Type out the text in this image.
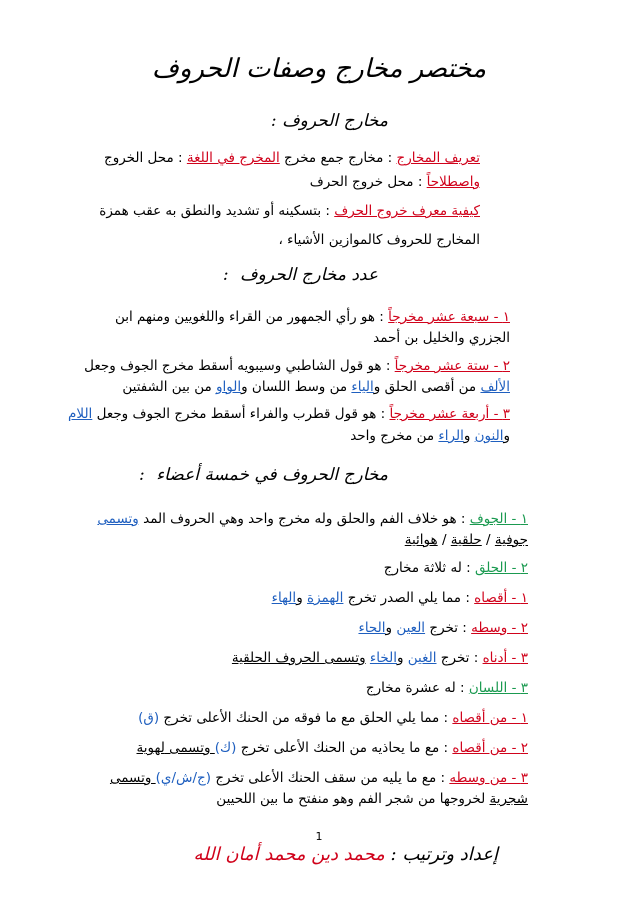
مختصر مخارج وصفات الحروف
مخارج الحروف :
تعريف المخارج : مخارج جمع مخرج المخرج في اللغة : محل الخروج
واصطلاحاً : محل خروج الحرف
كيفية معرف خروج الحرف : بتسكينه أو تشديد والنطق به عقب همزة
المخارج للحروف كالموازين الأشياء ،
عدد مخارج الحروف :
١ - سبعة عشر مخرجاً : هو رأي الجمهور من القراء واللغويين ومنهم ابن
الجزري والخليل بن أحمد
٢ - ستة عشر مخرجاً : هو قول الشاطبي وسيبويه أسقط مخرج الجوف وجعل
الألف من أقصى الحلق والياء من وسط اللسان والواو من بين الشفتين
٣ - أربعة عشر مخرجاً : هو قول قطرب والفراء أسقط مخرج الجوف وجعل اللام
والنون والراء من مخرج واحد
مخارج الحروف في خمسة أعضاء :
١ - الجوف : هو خلاف الفم والحلق وله مخرج واحد وهي الحروف المد وتسمى
جوفية / حلقية / هوائية
٢ - الحلق : له ثلاثة مخارج
١ - أقصاه : مما يلي الصدر تخرج الهمزة والهاء
٢ - وسطه : تخرج العين والحاء
٣ - أدناه : تخرج الغين والخاء وتسمى الحروف الحلقية
٣ - اللسان : له عشرة مخارج
١ - من أقصاه : مما يلي الحلق مع ما فوقه من الحنك الأعلى تخرج (ق)
٢ - من أقصاه : مع ما يحاذيه من الحنك الأعلى تخرج (ك) وتسمى لهوية
٣ - من وسطه : مع ما يليه من سقف الحنك الأعلى تخرج (ج/ش/ي) وتسمى
شجرية لخروجها من شجر الفم وهو منفتح ما بين اللحيين
1
إعداد وترتيب : محمد دين محمد أمان الله
